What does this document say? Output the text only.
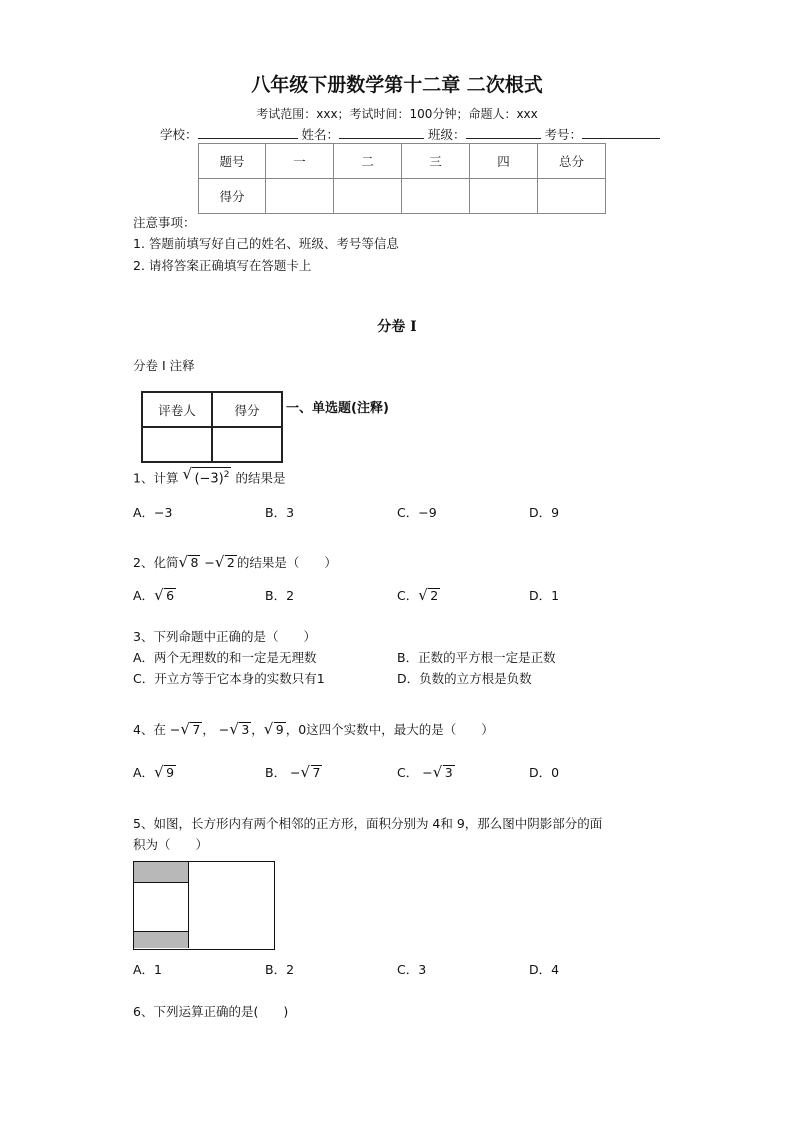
八年级下册数学第十二章 二次根式
考试范围：xxx；考试时间：100分钟；命题人：xxx
学校：	姓名：	班级：	考号：
题号	一	二	三	四	总分
得分					
注意事项：
1. 答题前填写好自己的姓名、班级、考号等信息
2. 请将答案正确填写在答题卡上
分卷 I
分卷 I 注释
评卷人	得分
	一、单选题(注释)
1、计算 √ $(-3)^2$ 的结果是
A．−3	B．3	C．−9	D．9
2、化简 √ 8 − √ 2 的结果是（　　）
A． √ 6	B．2	C． √ 2	D．1
3、下列命题中正确的是（　　）
A．两个无理数的和一定是无理数	B．正数的平方根一定是正数
C．开立方等于它本身的实数只有1	D．负数的立方根是负数
4、在 − √ 7 ， − √ 3 ， √ 9 ，0这四个实数中，最大的是（　　）
A． √ 9	B． − √ 7	C． − √ 3	D．0
5、如图，长方形内有两个相邻的正方形，面积分别为 4和 9，那么图中阴影部分的面
积为（　　）
A．1	B．2	C．3	D．4
6、下列运算正确的是(　　)
